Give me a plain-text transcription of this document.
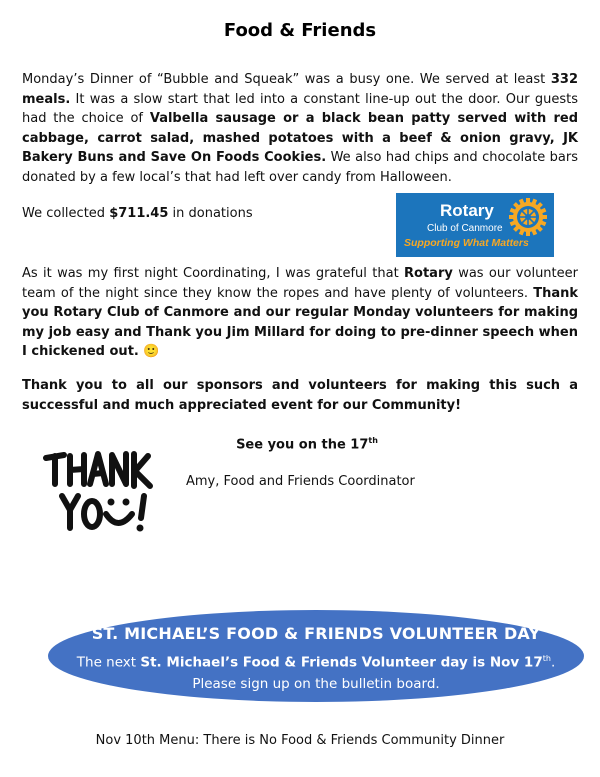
Food & Friends

Monday’s Dinner of “Bubble and Squeak” was a busy one. We served at least 332 meals. It was a slow start that led into a constant line-up out the door. Our guests had the choice of Valbella sausage or a black bean patty served with red cabbage, carrot salad, mashed potatoes with a beef & onion gravy, JK Bakery Buns and Save On Foods Cookies. We also had chips and chocolate bars donated by a few local’s that had left over candy from Halloween.

We collected $711.45 in donations	Rotary
Club of Canmore
Supporting What Matters

As it was my first night Coordinating, I was grateful that Rotary was our volunteer team of the night since they know the ropes and have plenty of volunteers. Thank you Rotary Club of Canmore and our regular Monday volunteers for making my job easy and Thank you Jim Millard for doing to pre-dinner speech when I chickened out. 🙂

Thank you to all our sponsors and volunteers for making this such a successful and much appreciated event for our Community!

See you on the 17th
Amy, Food and Friends Coordinator
ST. MICHAEL’S FOOD & FRIENDS VOLUNTEER DAY
The next St. Michael’s Food & Friends Volunteer day is Nov 17th.
Please sign up on the bulletin board.
Nov 10th Menu: There is No Food & Friends Community Dinner
